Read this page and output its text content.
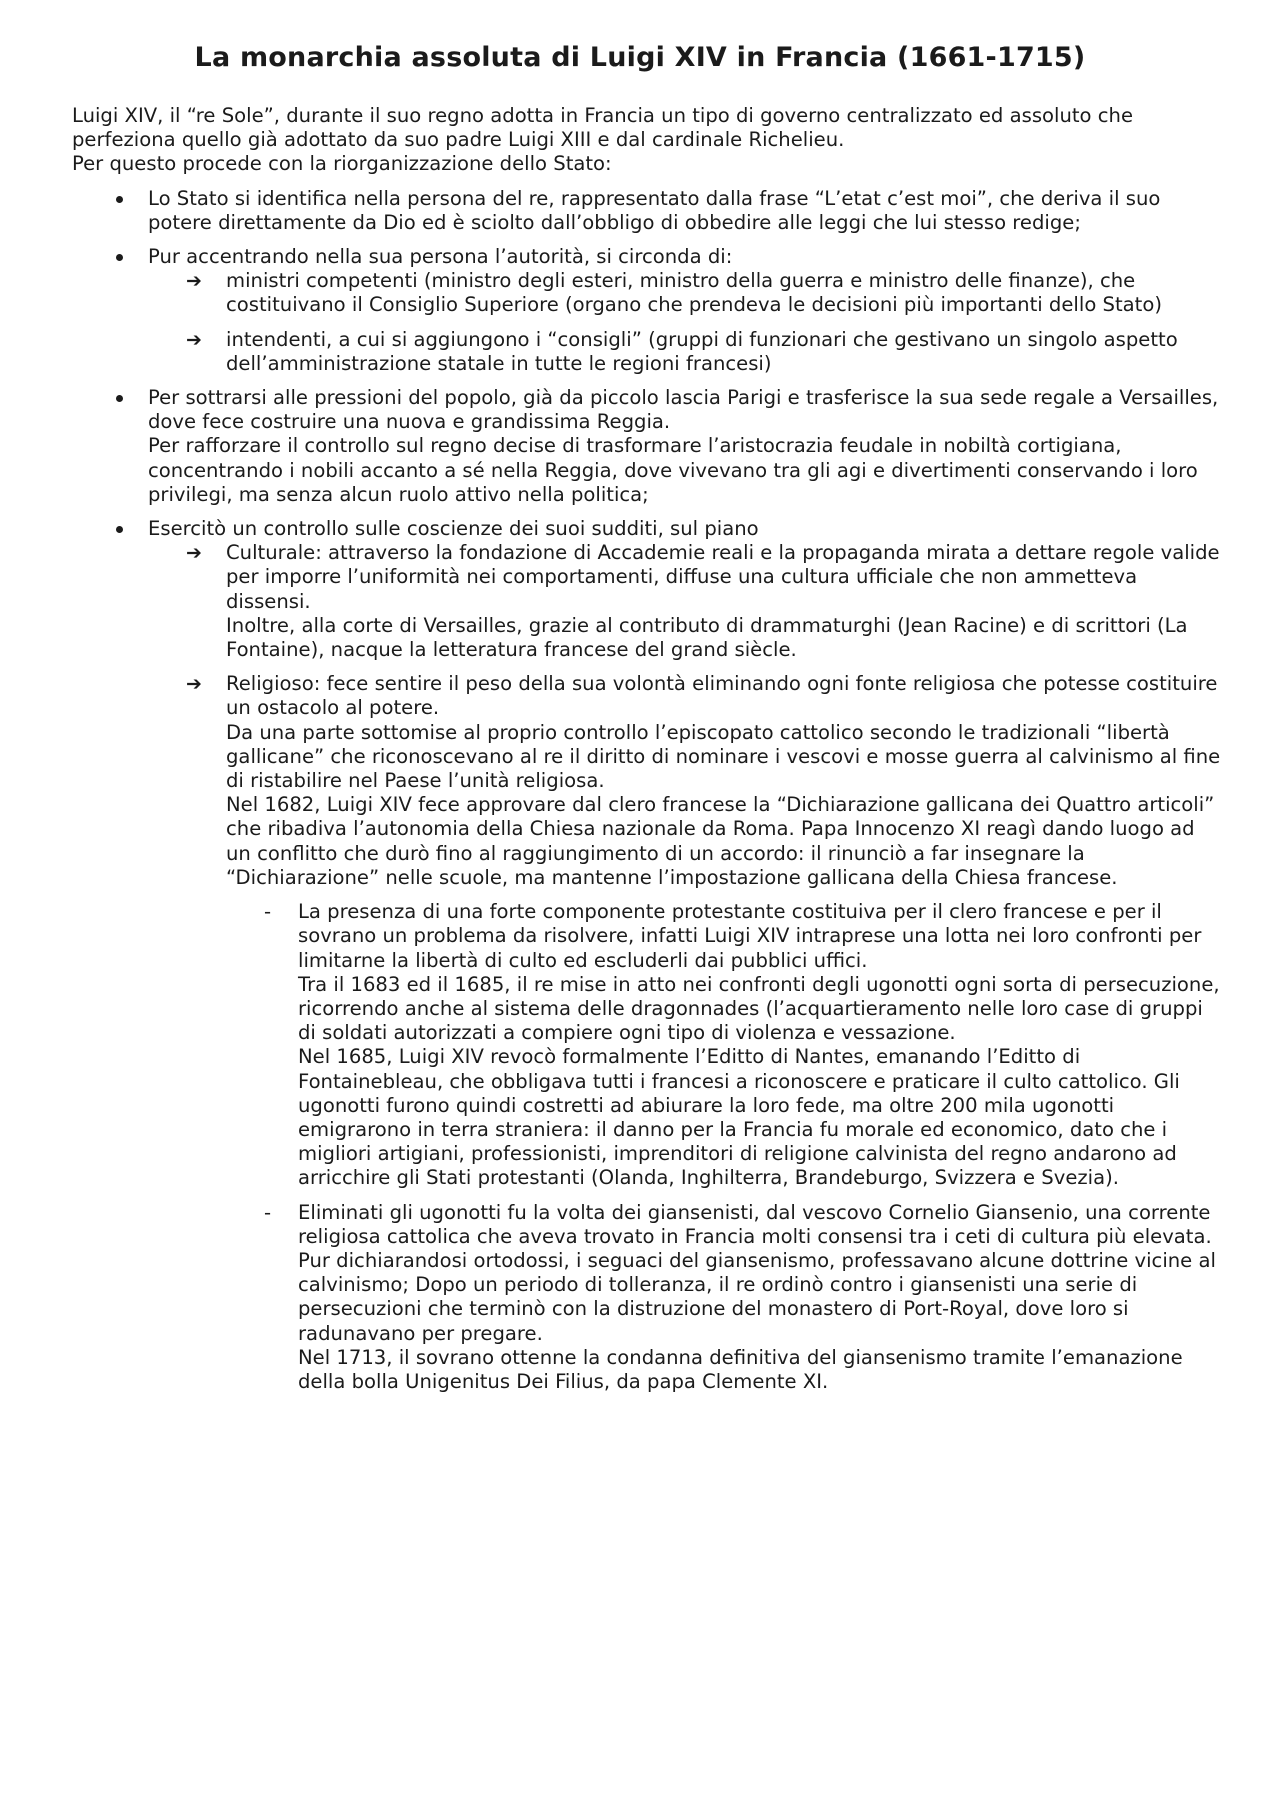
La monarchia assoluta di Luigi XIV in Francia (1661-1715)

Luigi XIV, il “re Sole”, durante il suo regno adotta in Francia un tipo di governo centralizzato ed assoluto che perfeziona quello già adottato da suo padre Luigi XIII e dal cardinale Richelieu.

Per questo procede con la riorganizzazione dello Stato:

Lo Stato si identifica nella persona del re, rappresentato dalla frase “L’etat c’est moi”, che deriva il suo potere direttamente da Dio ed è sciolto dall’obbligo di obbedire alle leggi che lui stesso redige;
Pur accentrando nella sua persona l’autorità, si circonda di:
➔ ministri competenti (ministro degli esteri, ministro della guerra e ministro delle finanze), che costituivano il Consiglio Superiore (organo che prendeva le decisioni più importanti dello Stato)
➔ intendenti, a cui si aggiungono i “consigli” (gruppi di funzionari che gestivano un singolo aspetto dell’amministrazione statale in tutte le regioni francesi)
Per sottrarsi alle pressioni del popolo, già da piccolo lascia Parigi e trasferisce la sua sede regale a Versailles, dove fece costruire una nuova e grandissima Reggia.
Per rafforzare il controllo sul regno decise di trasformare l’aristocrazia feudale in nobiltà cortigiana, concentrando i nobili accanto a sé nella Reggia, dove vivevano tra gli agi e divertimenti conservando i loro privilegi, ma senza alcun ruolo attivo nella politica;
Esercitò un controllo sulle coscienze dei suoi sudditi, sul piano
➔ Culturale: attraverso la fondazione di Accademie reali e la propaganda mirata a dettare regole valide per imporre l’uniformità nei comportamenti, diffuse una cultura ufficiale che non ammetteva dissensi.
Inoltre, alla corte di Versailles, grazie al contributo di drammaturghi (Jean Racine) e di scrittori (La Fontaine), nacque la letteratura francese del grand siècle.
➔ Religioso: fece sentire il peso della sua volontà eliminando ogni fonte religiosa che potesse costituire un ostacolo al potere.
Da una parte sottomise al proprio controllo l’episcopato cattolico secondo le tradizionali “libertà gallicane” che riconoscevano al re il diritto di nominare i vescovi e mosse guerra al calvinismo al fine di ristabilire nel Paese l’unità religiosa.
Nel 1682, Luigi XIV fece approvare dal clero francese la “Dichiarazione gallicana dei Quattro articoli” che ribadiva l’autonomia della Chiesa nazionale da Roma. Papa Innocenzo XI reagì dando luogo ad un conflitto che durò fino al raggiungimento di un accordo: il rinunciò a far insegnare la “Dichiarazione” nelle scuole, ma mantenne l’impostazione gallicana della Chiesa francese.
- La presenza di una forte componente protestante costituiva per il clero francese e per il sovrano un problema da risolvere, infatti Luigi XIV intraprese una lotta nei loro confronti per limitarne la libertà di culto ed escluderli dai pubblici uffici.
Tra il 1683 ed il 1685, il re mise in atto nei confronti degli ugonotti ogni sorta di persecuzione, ricorrendo anche al sistema delle dragonnades (l’acquartieramento nelle loro case di gruppi di soldati autorizzati a compiere ogni tipo di violenza e vessazione.
Nel 1685, Luigi XIV revocò formalmente l’Editto di Nantes, emanando l’Editto di Fontainebleau, che obbligava tutti i francesi a riconoscere e praticare il culto cattolico. Gli ugonotti furono quindi costretti ad abiurare la loro fede, ma oltre 200 mila ugonotti emigrarono in terra straniera: il danno per la Francia fu morale ed economico, dato che i migliori artigiani, professionisti, imprenditori di religione calvinista del regno andarono ad arricchire gli Stati protestanti (Olanda, Inghilterra, Brandeburgo, Svizzera e Svezia).
- Eliminati gli ugonotti fu la volta dei giansenisti, dal vescovo Cornelio Giansenio, una corrente religiosa cattolica che aveva trovato in Francia molti consensi tra i ceti di cultura più elevata.
Pur dichiarandosi ortodossi, i seguaci del giansenismo, professavano alcune dottrine vicine al calvinismo; Dopo un periodo di tolleranza, il re ordinò contro i giansenisti una serie di persecuzioni che terminò con la distruzione del monastero di Port-Royal, dove loro si radunavano per pregare.
Nel 1713, il sovrano ottenne la condanna definitiva del giansenismo tramite l’emanazione della bolla Unigenitus Dei Filius, da papa Clemente XI.
